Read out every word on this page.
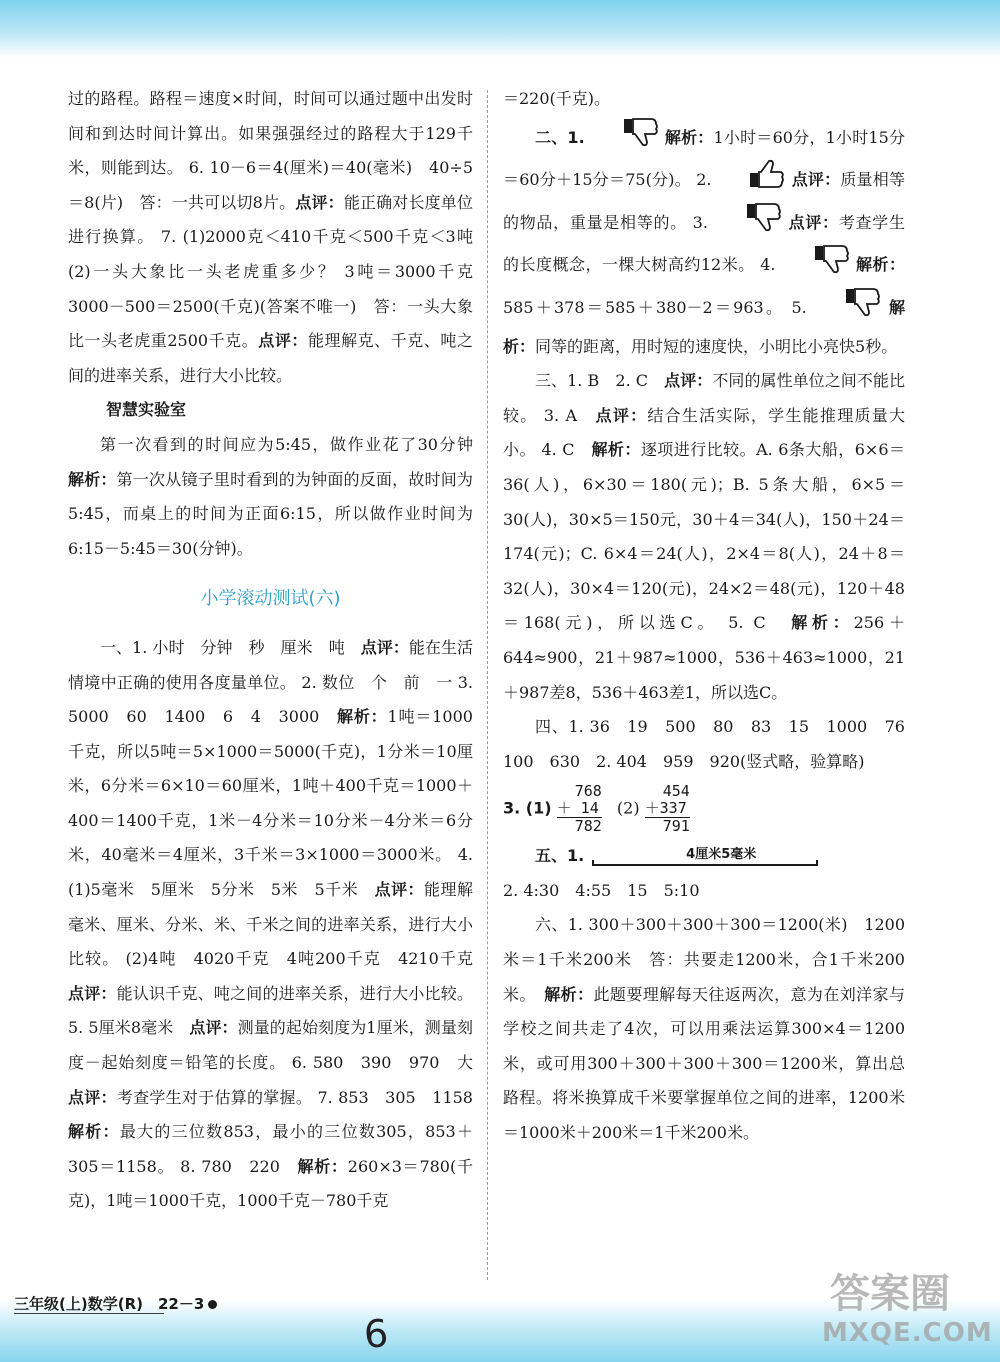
过的路程。路程＝速度×时间，时间可以通过题中出发时间和到达时间计算出。如果强强经过的路程大于129千米，则能到达。 6. 10－6＝4(厘米)＝40(毫米)　40÷5＝8(片)　答：一共可以切8片。点评：能正确对长度单位进行换算。 7. (1)2000克＜410千克＜500千克＜3吨　(2)一头大象比一头老虎重多少？ 3吨＝3000千克　3000－500＝2500(千克)(答案不唯一)　答：一头大象比一头老虎重2500千克。点评：能理解克、千克、吨之间的进率关系，进行大小比较。

智慧实验室

第一次看到的时间应为5:45，做作业花了30分钟　解析：第一次从镜子里时看到的为钟面的反面，故时间为5:45，而桌上的时间为正面6:15，所以做作业时间为6:15－5:45＝30(分钟)。

小学滚动测试(六)

一、1. 小时　分钟　秒　厘米　吨　 点评：能在生活情境中正确的使用各度量单位。 2. 数位　个　前　一 3. 5000　60　1400　6　4　3000　 解析：1吨＝1000千克，所以5吨＝5×1000＝5000(千克)，1分米＝10厘米，6分米＝6×10＝60厘米，1吨＋400千克＝1000＋400＝1400千克，1米－4分米＝10分米－4分米＝6分米，40毫米＝4厘米，3千米＝3×1000＝3000米。 4. (1)5毫米　5厘米　5分米　5米　5千米　 点评：能理解毫米、厘米、分米、米、千米之间的进率关系，进行大小比较。 (2)4吨　4020千克　4吨200千克　4210千克　点评：能认识千克、吨之间的进率关系，进行大小比较。 5. 5厘米8毫米　 点评：测量的起始刻度为1厘米，测量刻度－起始刻度＝铅笔的长度。 6. 580　390　970　大　点评：考查学生对于估算的掌握。 7. 853　305　1158　解析：最大的三位数853，最小的三位数305，853＋305＝1158。 8. 780　220　 解析：260×3＝780(千克)，1吨＝1000千克，1000千克－780千克

＝220(千克)。

二、1.	解析：1小时＝60分，1小时15分＝60分＋15分＝75(分)。 2.	点评：质量相等的物品，重量是相等的。 3.	点评：考查学生的长度概念，一棵大树高约12米。 4.	解析：585＋378＝585＋380－2＝963。 5.	解析：同等的距离，用时短的速度快，小明比小亮快5秒。

三、1. B　2. C　 点评：不同的属性单位之间不能比较。 3. A　 点评：结合生活实际，学生能推理质量大小。 4. C　 解析：逐项进行比较。A. 6条大船，6×6＝36(人)，6×30＝180(元)；B. 5条大船，6×5＝30(人)，30×5＝150元，30＋4＝34(人)，150＋24＝174(元)；C. 6×4＝24(人)，2×4＝8(人)，24＋8＝32(人)，30×4＝120(元)，24×2＝48(元)，120＋48＝168(元)，所以选C。 5. C　 解析：256＋644≈900，21＋987≈1000，536＋463≈1000，21＋987差8，536＋463差1，所以选C。

四、1. 36　19　500　80　83　15　1000　76　100　630　2. 404　959　920(竖式略，验算略)

3. (1)
768
＋ 14
782
(2)
454
＋337
791

五、1.	4厘米5毫米

2. 4:30　4:55　15　5:10

六、1. 300＋300＋300＋300＝1200(米)　1200米＝1千米200米　答：共要走1200米，合1千米200米。　 解析：此题要理解每天往返两次，意为在刘洋家与学校之间共走了4次，可以用乘法运算300×4＝1200米，或可用300＋300＋300＋300＝1200米，算出总路程。将米换算成千米要掌握单位之间的进率，1200米＝1000米＋200米＝1千米200米。

三年级(上)数学(R)　22－3
6
答案圈
MXQE.COM
